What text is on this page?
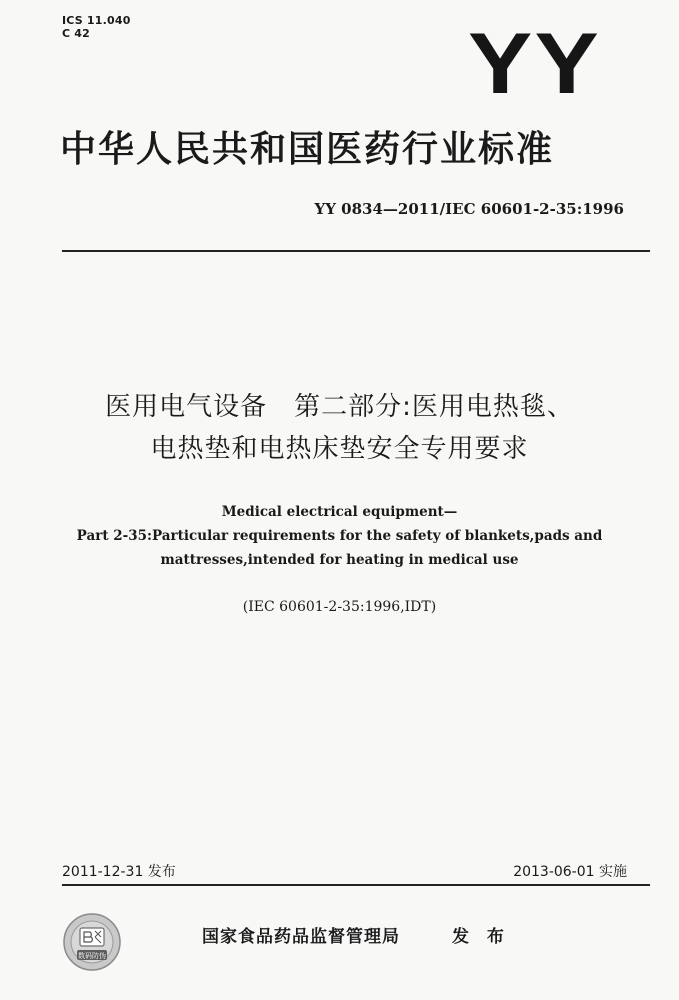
ICS 11.040
C 42	YY
中华人民共和国医药行业标准
YY 0834—2011/IEC 60601-2-35:1996
医用电气设备　第二部分:医用电热毯、
电热垫和电热床垫安全专用要求
Medical electrical equipment—
Part 2-35:Particular requirements for the safety of blankets,pads and
mattresses,intended for heating in medical use
(IEC 60601-2-35:1996,IDT)
2011-12-31 发布	2013-06-01 实施
数码防伪
国家食品药品监督管理局	发 布
